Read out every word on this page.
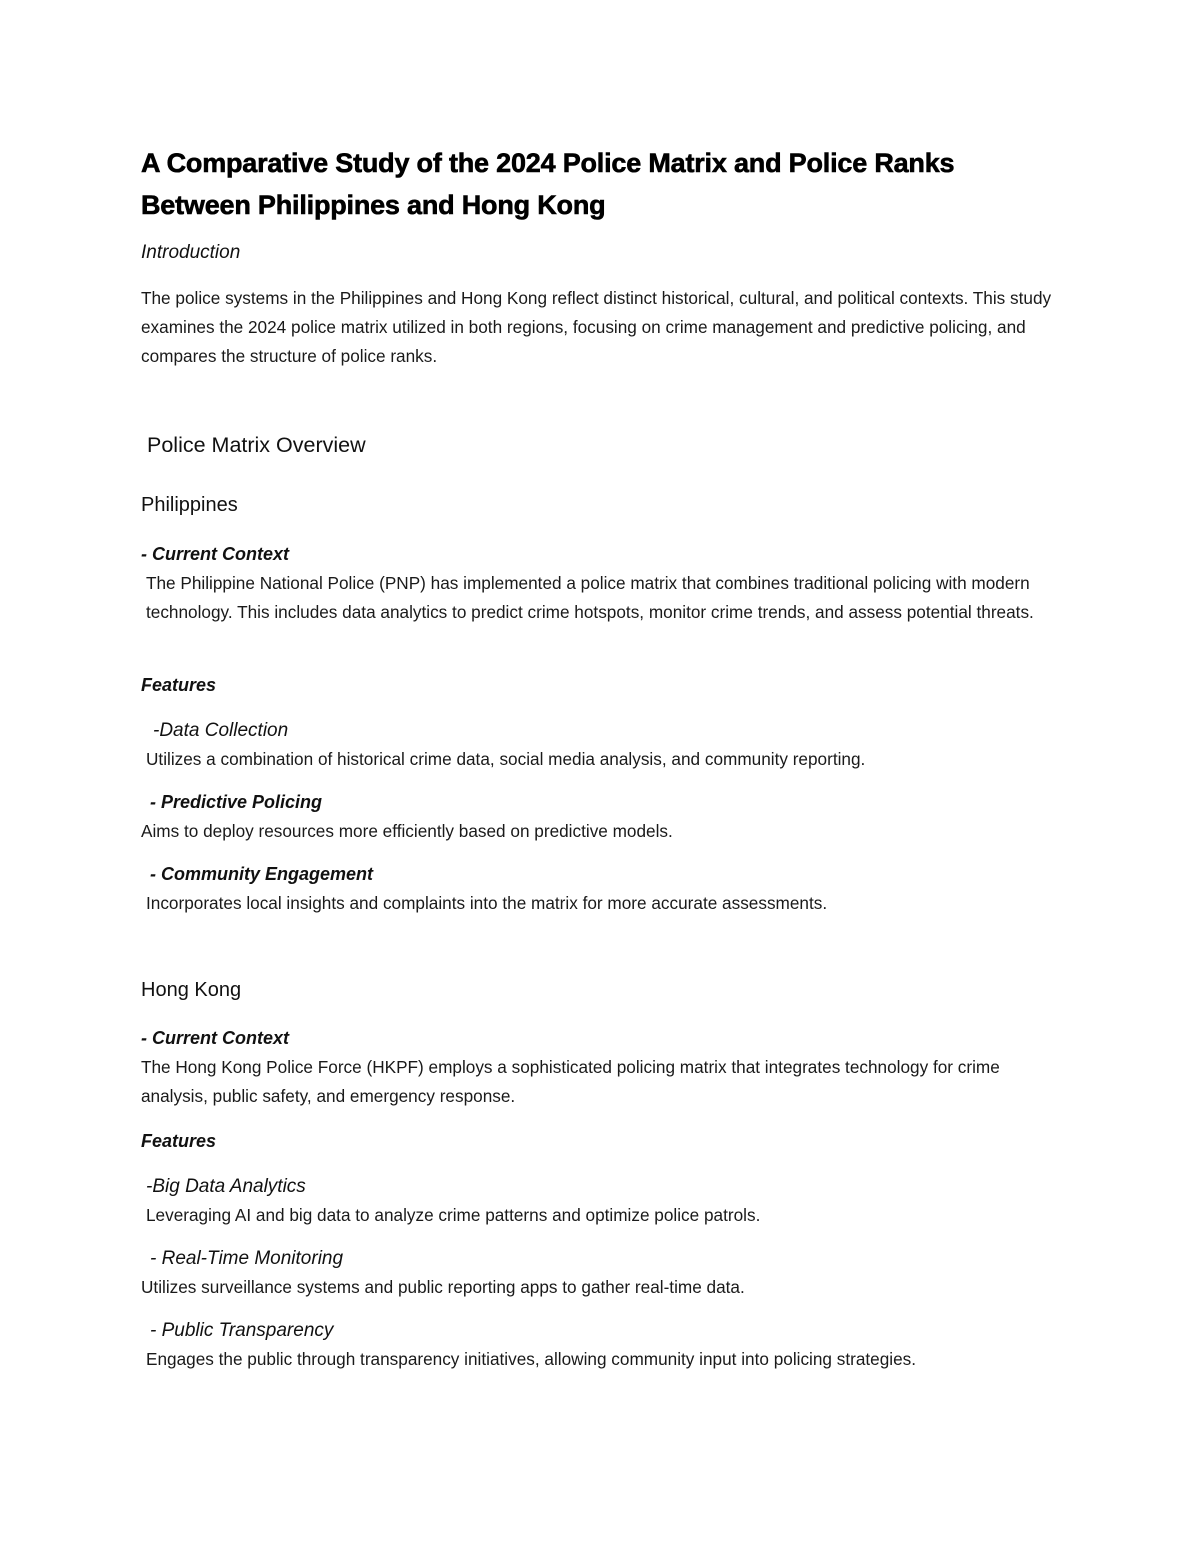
A Comparative Study of the 2024 Police Matrix and Police Ranks Between Philippines and Hong Kong

Introduction

The police systems in the Philippines and Hong Kong reflect distinct historical, cultural, and political contexts. This study examines the 2024 police matrix utilized in both regions, focusing on crime management and predictive policing, and compares the structure of police ranks.

Police Matrix Overview
Philippines

- Current Context

The Philippine National Police (PNP) has implemented a police matrix that combines traditional policing with modern technology. This includes data analytics to predict crime hotspots, monitor crime trends, and assess potential threats.

Features

-Data Collection

Utilizes a combination of historical crime data, social media analysis, and community reporting.

- Predictive Policing

Aims to deploy resources more efficiently based on predictive models.

- Community Engagement

Incorporates local insights and complaints into the matrix for more accurate assessments.

Hong Kong

- Current Context

The Hong Kong Police Force (HKPF) employs a sophisticated policing matrix that integrates technology for crime analysis, public safety, and emergency response.

Features

-Big Data Analytics

Leveraging AI and big data to analyze crime patterns and optimize police patrols.

- Real-Time Monitoring

Utilizes surveillance systems and public reporting apps to gather real-time data.

- Public Transparency

Engages the public through transparency initiatives, allowing community input into policing strategies.
